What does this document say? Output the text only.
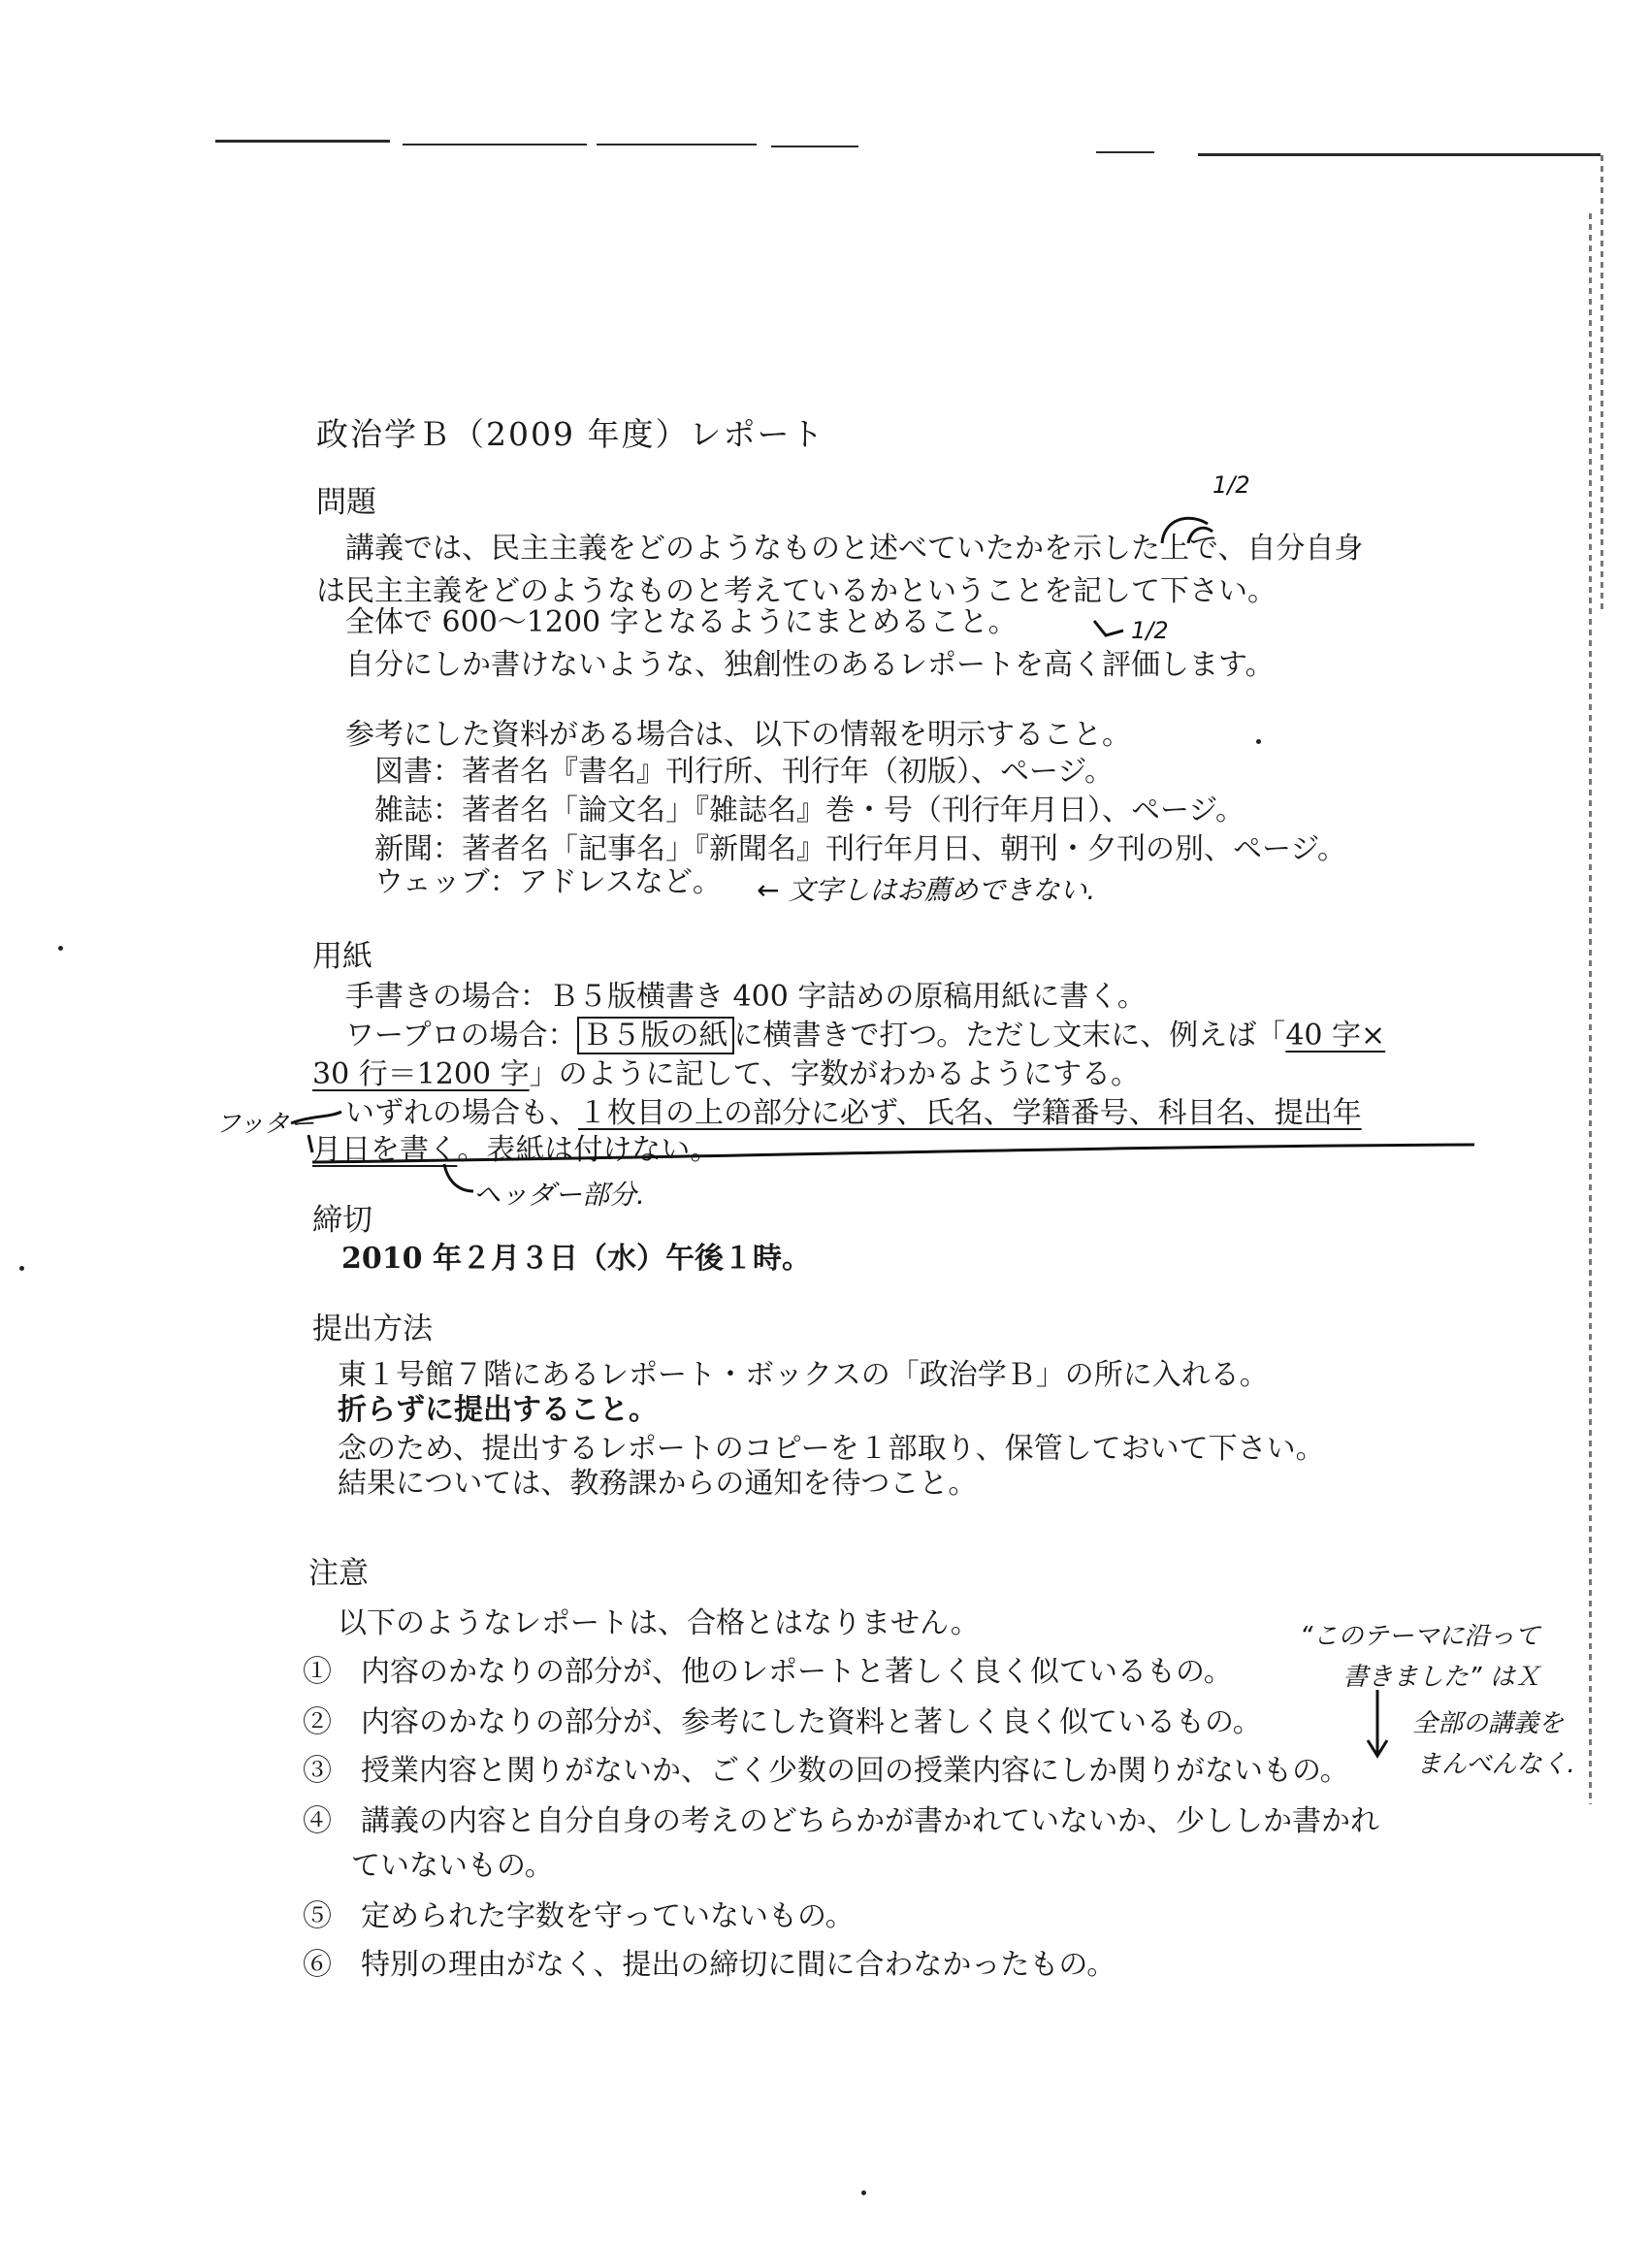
政治学Ｂ（2009 年度）レポート
問題
講義では、民主主義をどのようなものと述べていたかを示した上で、自分自身
は民主主義をどのようなものと考えているかということを記して下さい。
全体で 600～1200 字となるようにまとめること。
自分にしか書けないような、独創性のあるレポートを高く評価します。
参考にした資料がある場合は、以下の情報を明示すること。
図書：著者名『書名』刊行所、刊行年（初版）、ページ。
雑誌：著者名「論文名」『雑誌名』巻・号（刊行年月日）、ページ。
新聞：著者名「記事名」『新聞名』刊行年月日、朝刊・夕刊の別、ページ。
ウェッブ：アドレスなど。
用紙
手書きの場合：Ｂ５版横書き 400 字詰めの原稿用紙に書く。
ワープロの場合： Ｂ５版の紙 に横書きで打つ。ただし文末に、例えば「40 字×
30 行＝1200 字」のように記して、字数がわかるようにする。
いずれの場合も、１枚目の上の部分に必ず、氏名、学籍番号、科目名、提出年
月日を書く。表紙は付けない。
締切
2010 年２月３日（水）午後１時。
提出方法
東１号館７階にあるレポート・ボックスの「政治学Ｂ」の所に入れる。
折らずに提出すること。
念のため、提出するレポートのコピーを１部取り、保管しておいて下さい。
結果については、教務課からの通知を待つこと。
注意
以下のようなレポートは、合格とはなりません。
①　内容のかなりの部分が、他のレポートと著しく良く似ているもの。
②　内容のかなりの部分が、参考にした資料と著しく良く似ているもの。
③　授業内容と関りがないか、ごく少数の回の授業内容にしか関りがないもの。
④　講義の内容と自分自身の考えのどちらかが書かれていないか、少ししか書かれ
ていないもの。
⑤　定められた字数を守っていないもの。
⑥　特別の理由がなく、提出の締切に間に合わなかったもの。
1/2
1/2
← 文字しはお薦めできない.
フッター
ヘッダー部分.
“このテーマに沿って
書きました” はＸ
全部の講義を
まんべんなく.
